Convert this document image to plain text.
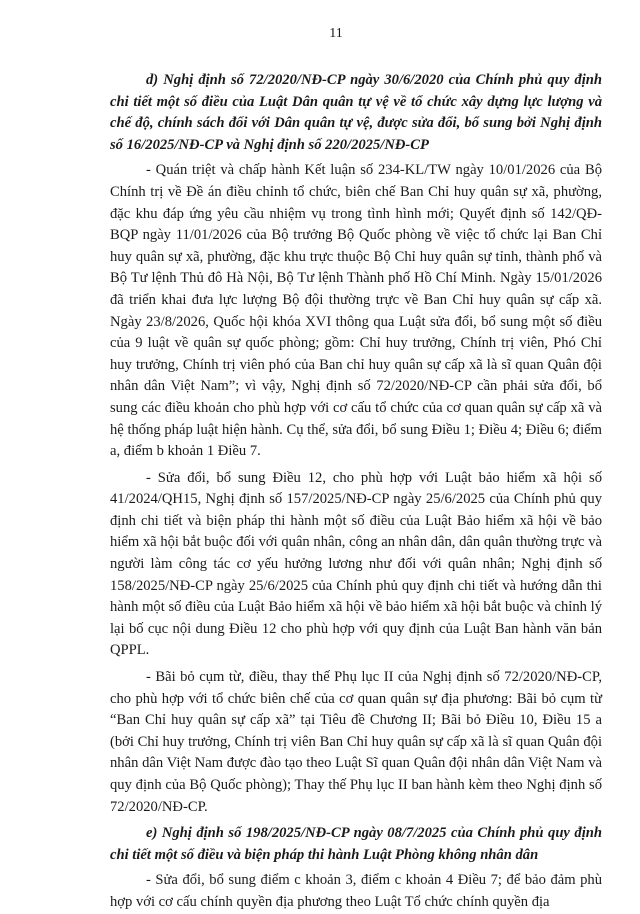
11

d) Nghị định số 72/2020/NĐ-CP ngày 30/6/2020 của Chính phủ quy định chi tiết một số điều của Luật Dân quân tự vệ về tổ chức xây dựng lực lượng và chế độ, chính sách đối với Dân quân tự vệ, được sửa đổi, bổ sung bởi Nghị định số 16/2025/NĐ-CP và Nghị định số 220/2025/NĐ-CP

- Quán triệt và chấp hành Kết luận số 234-KL/TW ngày 10/01/2026 của Bộ Chính trị về Đề án điều chỉnh tổ chức, biên chế Ban Chỉ huy quân sự xã, phường, đặc khu đáp ứng yêu cầu nhiệm vụ trong tình hình mới; Quyết định số 142/QĐ-BQP ngày 11/01/2026 của Bộ trưởng Bộ Quốc phòng về việc tổ chức lại Ban Chỉ huy quân sự xã, phường, đặc khu trực thuộc Bộ Chỉ huy quân sự tỉnh, thành phố và Bộ Tư lệnh Thủ đô Hà Nội, Bộ Tư lệnh Thành phố Hồ Chí Minh. Ngày 15/01/2026 đã triển khai đưa lực lượng Bộ đội thường trực về Ban Chỉ huy quân sự cấp xã. Ngày 23/8/2026, Quốc hội khóa XVI thông qua Luật sửa đổi, bổ sung một số điều của 9 luật về quân sự quốc phòng; gồm: Chỉ huy trưởng, Chính trị viên, Phó Chỉ huy trưởng, Chính trị viên phó của Ban chỉ huy quân sự cấp xã là sĩ quan Quân đội nhân dân Việt Nam”; vì vậy, Nghị định số 72/2020/NĐ-CP cần phải sửa đổi, bổ sung các điều khoản cho phù hợp với cơ cấu tổ chức của cơ quan quân sự cấp xã và hệ thống pháp luật hiện hành. Cụ thể, sửa đổi, bổ sung Điều 1; Điều 4; Điều 6; điểm a, điểm b khoản 1 Điều 7.

- Sửa đổi, bổ sung Điều 12, cho phù hợp với Luật bảo hiểm xã hội số 41/2024/QH15, Nghị định số 157/2025/NĐ-CP ngày 25/6/2025 của Chính phủ quy định chi tiết và biện pháp thi hành một số điều của Luật Bảo hiểm xã hội về bảo hiểm xã hội bắt buộc đối với quân nhân, công an nhân dân, dân quân thường trực và người làm công tác cơ yếu hưởng lương như đối với quân nhân; Nghị định số 158/2025/NĐ-CP ngày 25/6/2025 của Chính phủ quy định chi tiết và hướng dẫn thi hành một số điều của Luật Bảo hiểm xã hội về bảo hiểm xã hội bắt buộc và chỉnh lý lại bố cục nội dung Điều 12 cho phù hợp với quy định của Luật Ban hành văn bản QPPL.

- Bãi bỏ cụm từ, điều, thay thế Phụ lục II của Nghị định số 72/2020/NĐ-CP, cho phù hợp với tổ chức biên chế của cơ quan quân sự địa phương: Bãi bỏ cụm từ “Ban Chỉ huy quân sự cấp xã” tại Tiêu đề Chương II; Bãi bỏ Điều 10, Điều 15 a (bởi Chỉ huy trưởng, Chính trị viên Ban Chỉ huy quân sự cấp xã là sĩ quan Quân đội nhân dân Việt Nam được đào tạo theo Luật Sĩ quan Quân đội nhân dân Việt Nam và quy định của Bộ Quốc phòng); Thay thế Phụ lục II ban hành kèm theo Nghị định số 72/2020/NĐ-CP.

e) Nghị định số 198/2025/NĐ-CP ngày 08/7/2025 của Chính phủ quy định chi tiết một số điều và biện pháp thi hành Luật Phòng không nhân dân

- Sửa đổi, bổ sung điểm c khoản 3, điểm c khoản 4 Điều 7; để bảo đảm phù hợp với cơ cấu chính quyền địa phương theo Luật Tổ chức chính quyền địa
